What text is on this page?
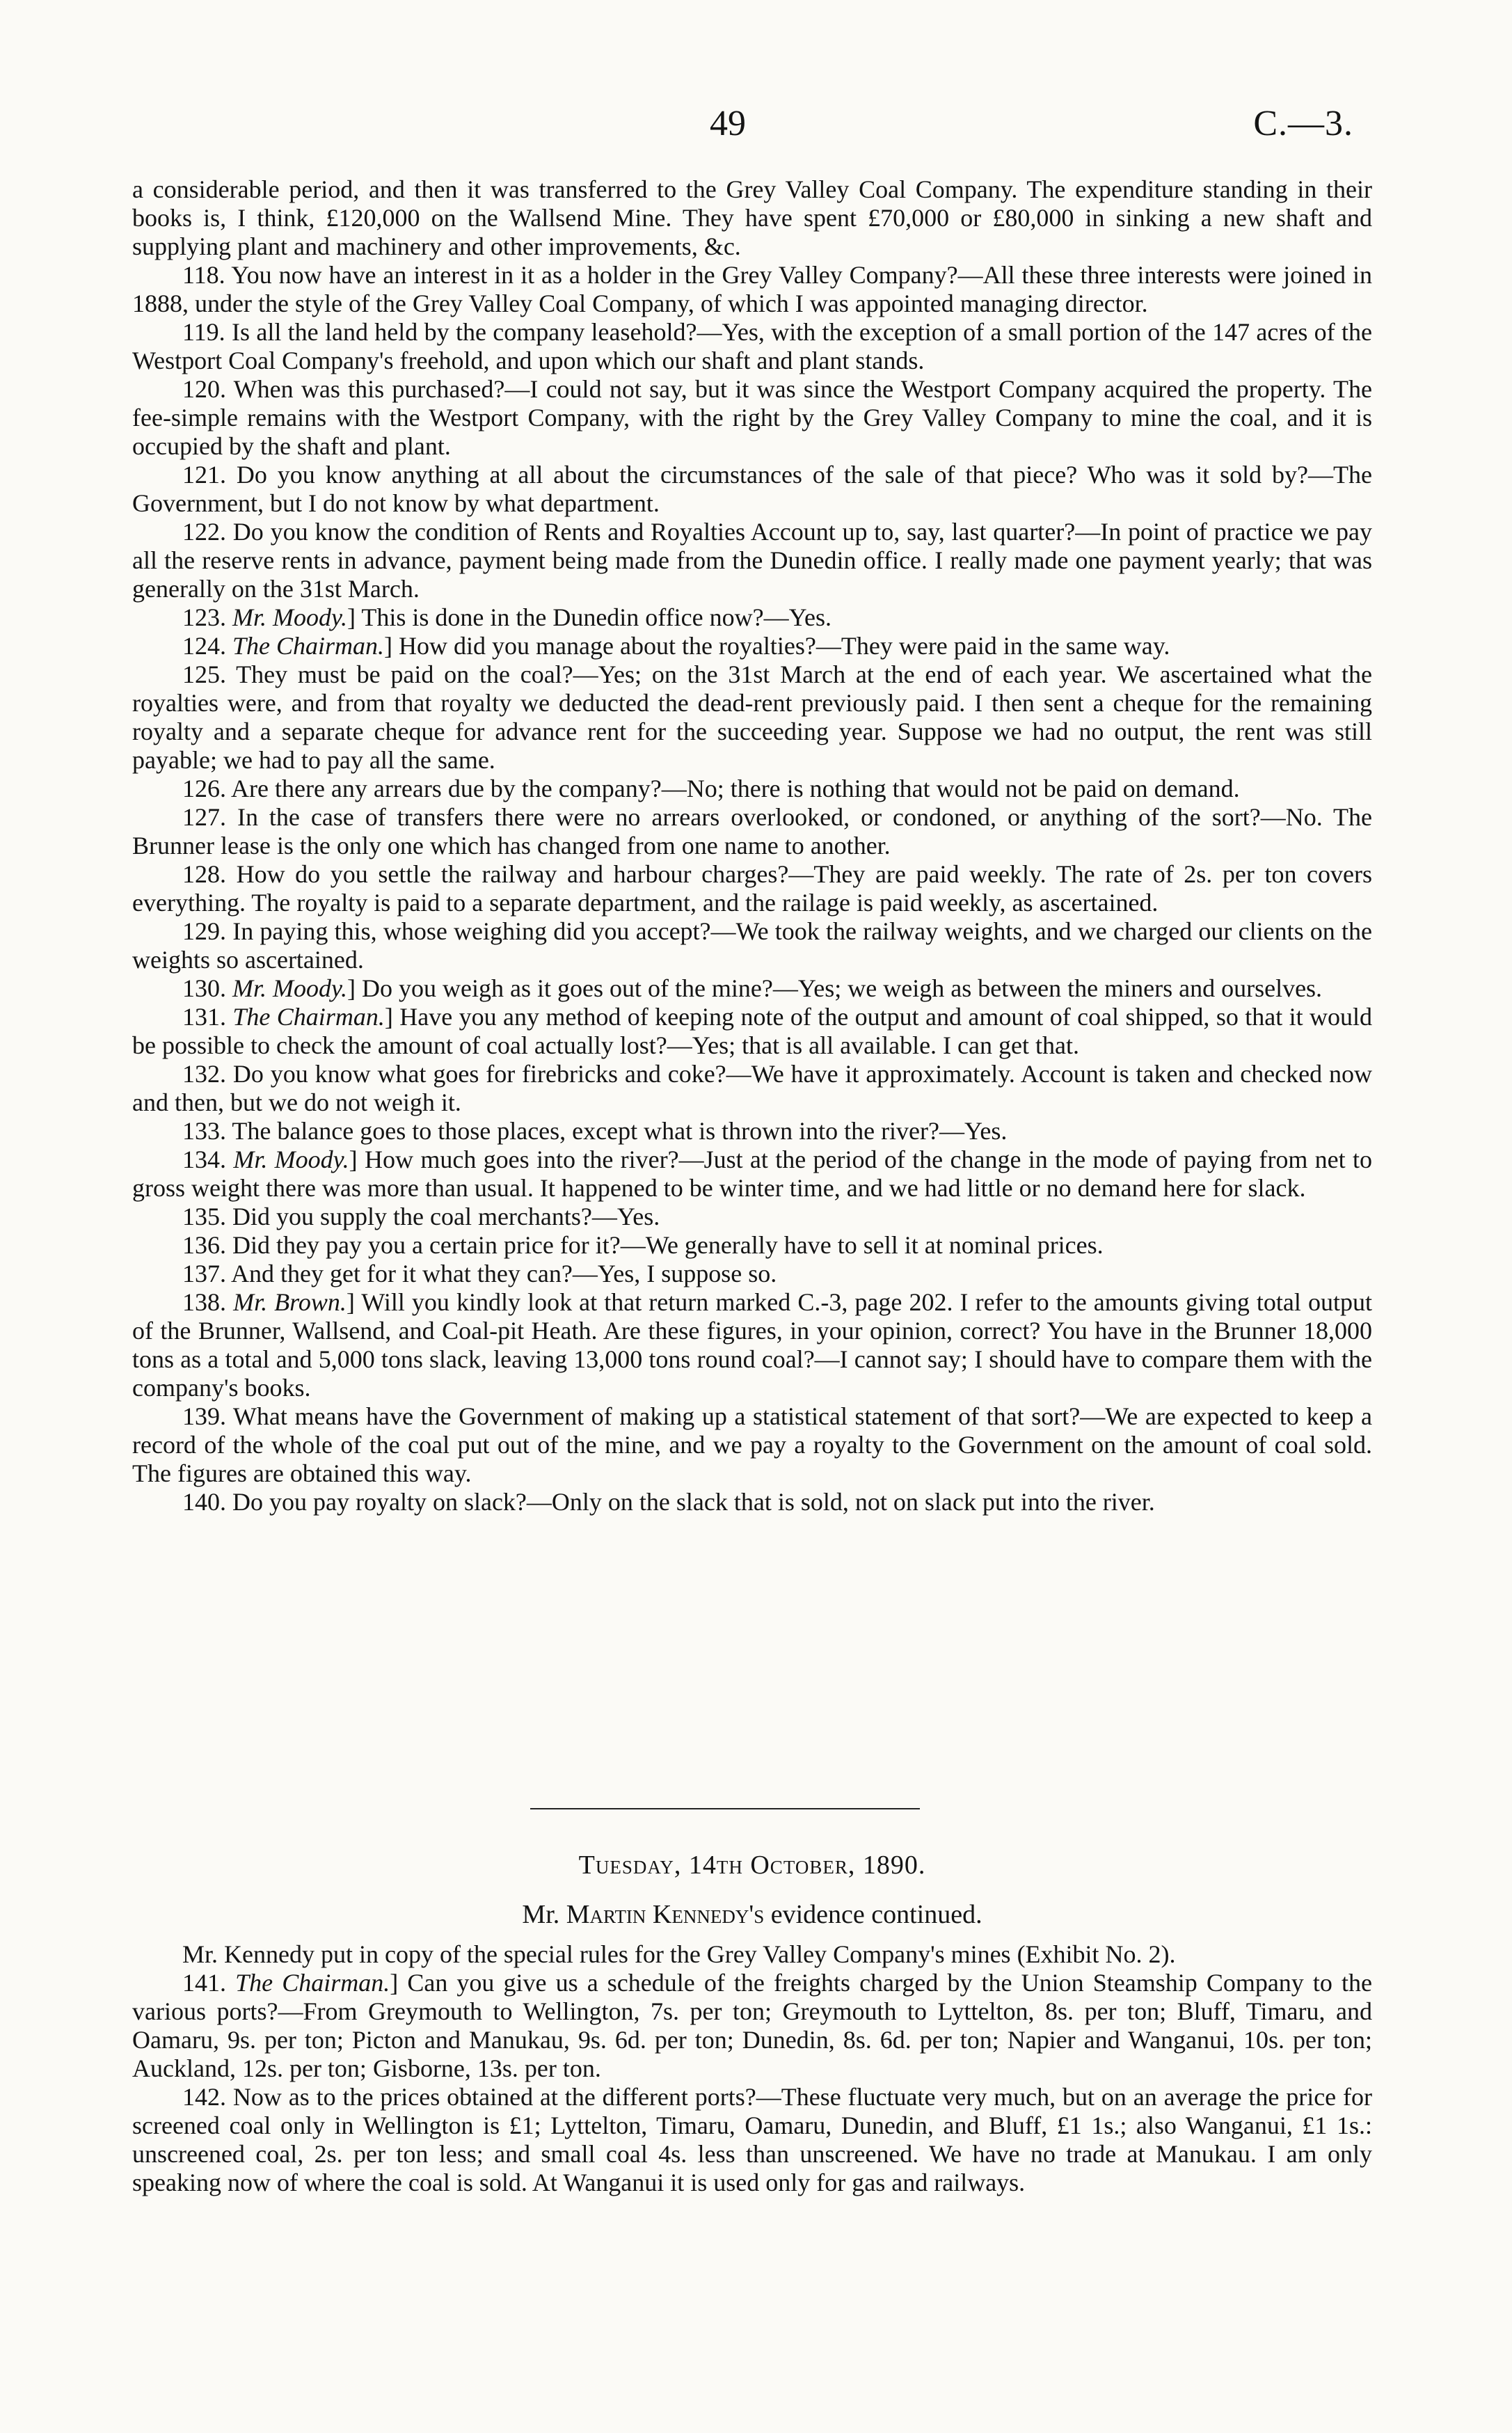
49	C.—3.

a considerable period, and then it was transferred to the Grey Valley Coal Company. The expenditure standing in their books is, I think, £120,000 on the Wallsend Mine. They have spent £70,000 or £80,000 in sinking a new shaft and supplying plant and machinery and other improvements, &c.

118. You now have an interest in it as a holder in the Grey Valley Company?—All these three interests were joined in 1888, under the style of the Grey Valley Coal Company, of which I was appointed managing director.

119. Is all the land held by the company leasehold?—Yes, with the exception of a small portion of the 147 acres of the Westport Coal Company's freehold, and upon which our shaft and plant stands.

120. When was this purchased?—I could not say, but it was since the Westport Company acquired the property. The fee-simple remains with the Westport Company, with the right by the Grey Valley Company to mine the coal, and it is occupied by the shaft and plant.

121. Do you know anything at all about the circumstances of the sale of that piece? Who was it sold by?—The Government, but I do not know by what department.

122. Do you know the condition of Rents and Royalties Account up to, say, last quarter?—In point of practice we pay all the reserve rents in advance, payment being made from the Dunedin office. I really made one payment yearly; that was generally on the 31st March.

123. Mr. Moody.] This is done in the Dunedin office now?—Yes.

124. The Chairman.] How did you manage about the royalties?—They were paid in the same way.

125. They must be paid on the coal?—Yes; on the 31st March at the end of each year. We ascertained what the royalties were, and from that royalty we deducted the dead-rent previously paid. I then sent a cheque for the remaining royalty and a separate cheque for advance rent for the succeeding year. Suppose we had no output, the rent was still payable; we had to pay all the same.

126. Are there any arrears due by the company?—No; there is nothing that would not be paid on demand.

127. In the case of transfers there were no arrears overlooked, or condoned, or anything of the sort?—No. The Brunner lease is the only one which has changed from one name to another.

128. How do you settle the railway and harbour charges?—They are paid weekly. The rate of 2s. per ton covers everything. The royalty is paid to a separate department, and the railage is paid weekly, as ascertained.

129. In paying this, whose weighing did you accept?—We took the railway weights, and we charged our clients on the weights so ascertained.

130. Mr. Moody.] Do you weigh as it goes out of the mine?—Yes; we weigh as between the miners and ourselves.

131. The Chairman.] Have you any method of keeping note of the output and amount of coal shipped, so that it would be possible to check the amount of coal actually lost?—Yes; that is all available. I can get that.

132. Do you know what goes for firebricks and coke?—We have it approximately. Account is taken and checked now and then, but we do not weigh it.

133. The balance goes to those places, except what is thrown into the river?—Yes.

134. Mr. Moody.] How much goes into the river?—Just at the period of the change in the mode of paying from net to gross weight there was more than usual. It happened to be winter time, and we had little or no demand here for slack.

135. Did you supply the coal merchants?—Yes.

136. Did they pay you a certain price for it?—We generally have to sell it at nominal prices.

137. And they get for it what they can?—Yes, I suppose so.

138. Mr. Brown.] Will you kindly look at that return marked C.-3, page 202. I refer to the amounts giving total output of the Brunner, Wallsend, and Coal-pit Heath. Are these figures, in your opinion, correct? You have in the Brunner 18,000 tons as a total and 5,000 tons slack, leaving 13,000 tons round coal?—I cannot say; I should have to compare them with the company's books.

139. What means have the Government of making up a statistical statement of that sort?—We are expected to keep a record of the whole of the coal put out of the mine, and we pay a royalty to the Government on the amount of coal sold. The figures are obtained this way.

140. Do you pay royalty on slack?—Only on the slack that is sold, not on slack put into the river.

Tuesday, 14th October, 1890.

Mr. Martin Kennedy's evidence continued.

Mr. Kennedy put in copy of the special rules for the Grey Valley Company's mines (Exhibit No. 2).

141. The Chairman.] Can you give us a schedule of the freights charged by the Union Steamship Company to the various ports?—From Greymouth to Wellington, 7s. per ton; Greymouth to Lyttelton, 8s. per ton; Bluff, Timaru, and Oamaru, 9s. per ton; Picton and Manukau, 9s. 6d. per ton; Dunedin, 8s. 6d. per ton; Napier and Wanganui, 10s. per ton; Auckland, 12s. per ton; Gisborne, 13s. per ton.

142. Now as to the prices obtained at the different ports?—These fluctuate very much, but on an average the price for screened coal only in Wellington is £1; Lyttelton, Timaru, Oamaru, Dunedin, and Bluff, £1 1s.; also Wanganui, £1 1s.: unscreened coal, 2s. per ton less; and small coal 4s. less than unscreened. We have no trade at Manukau. I am only speaking now of where the coal is sold. At Wanganui it is used only for gas and railways.
